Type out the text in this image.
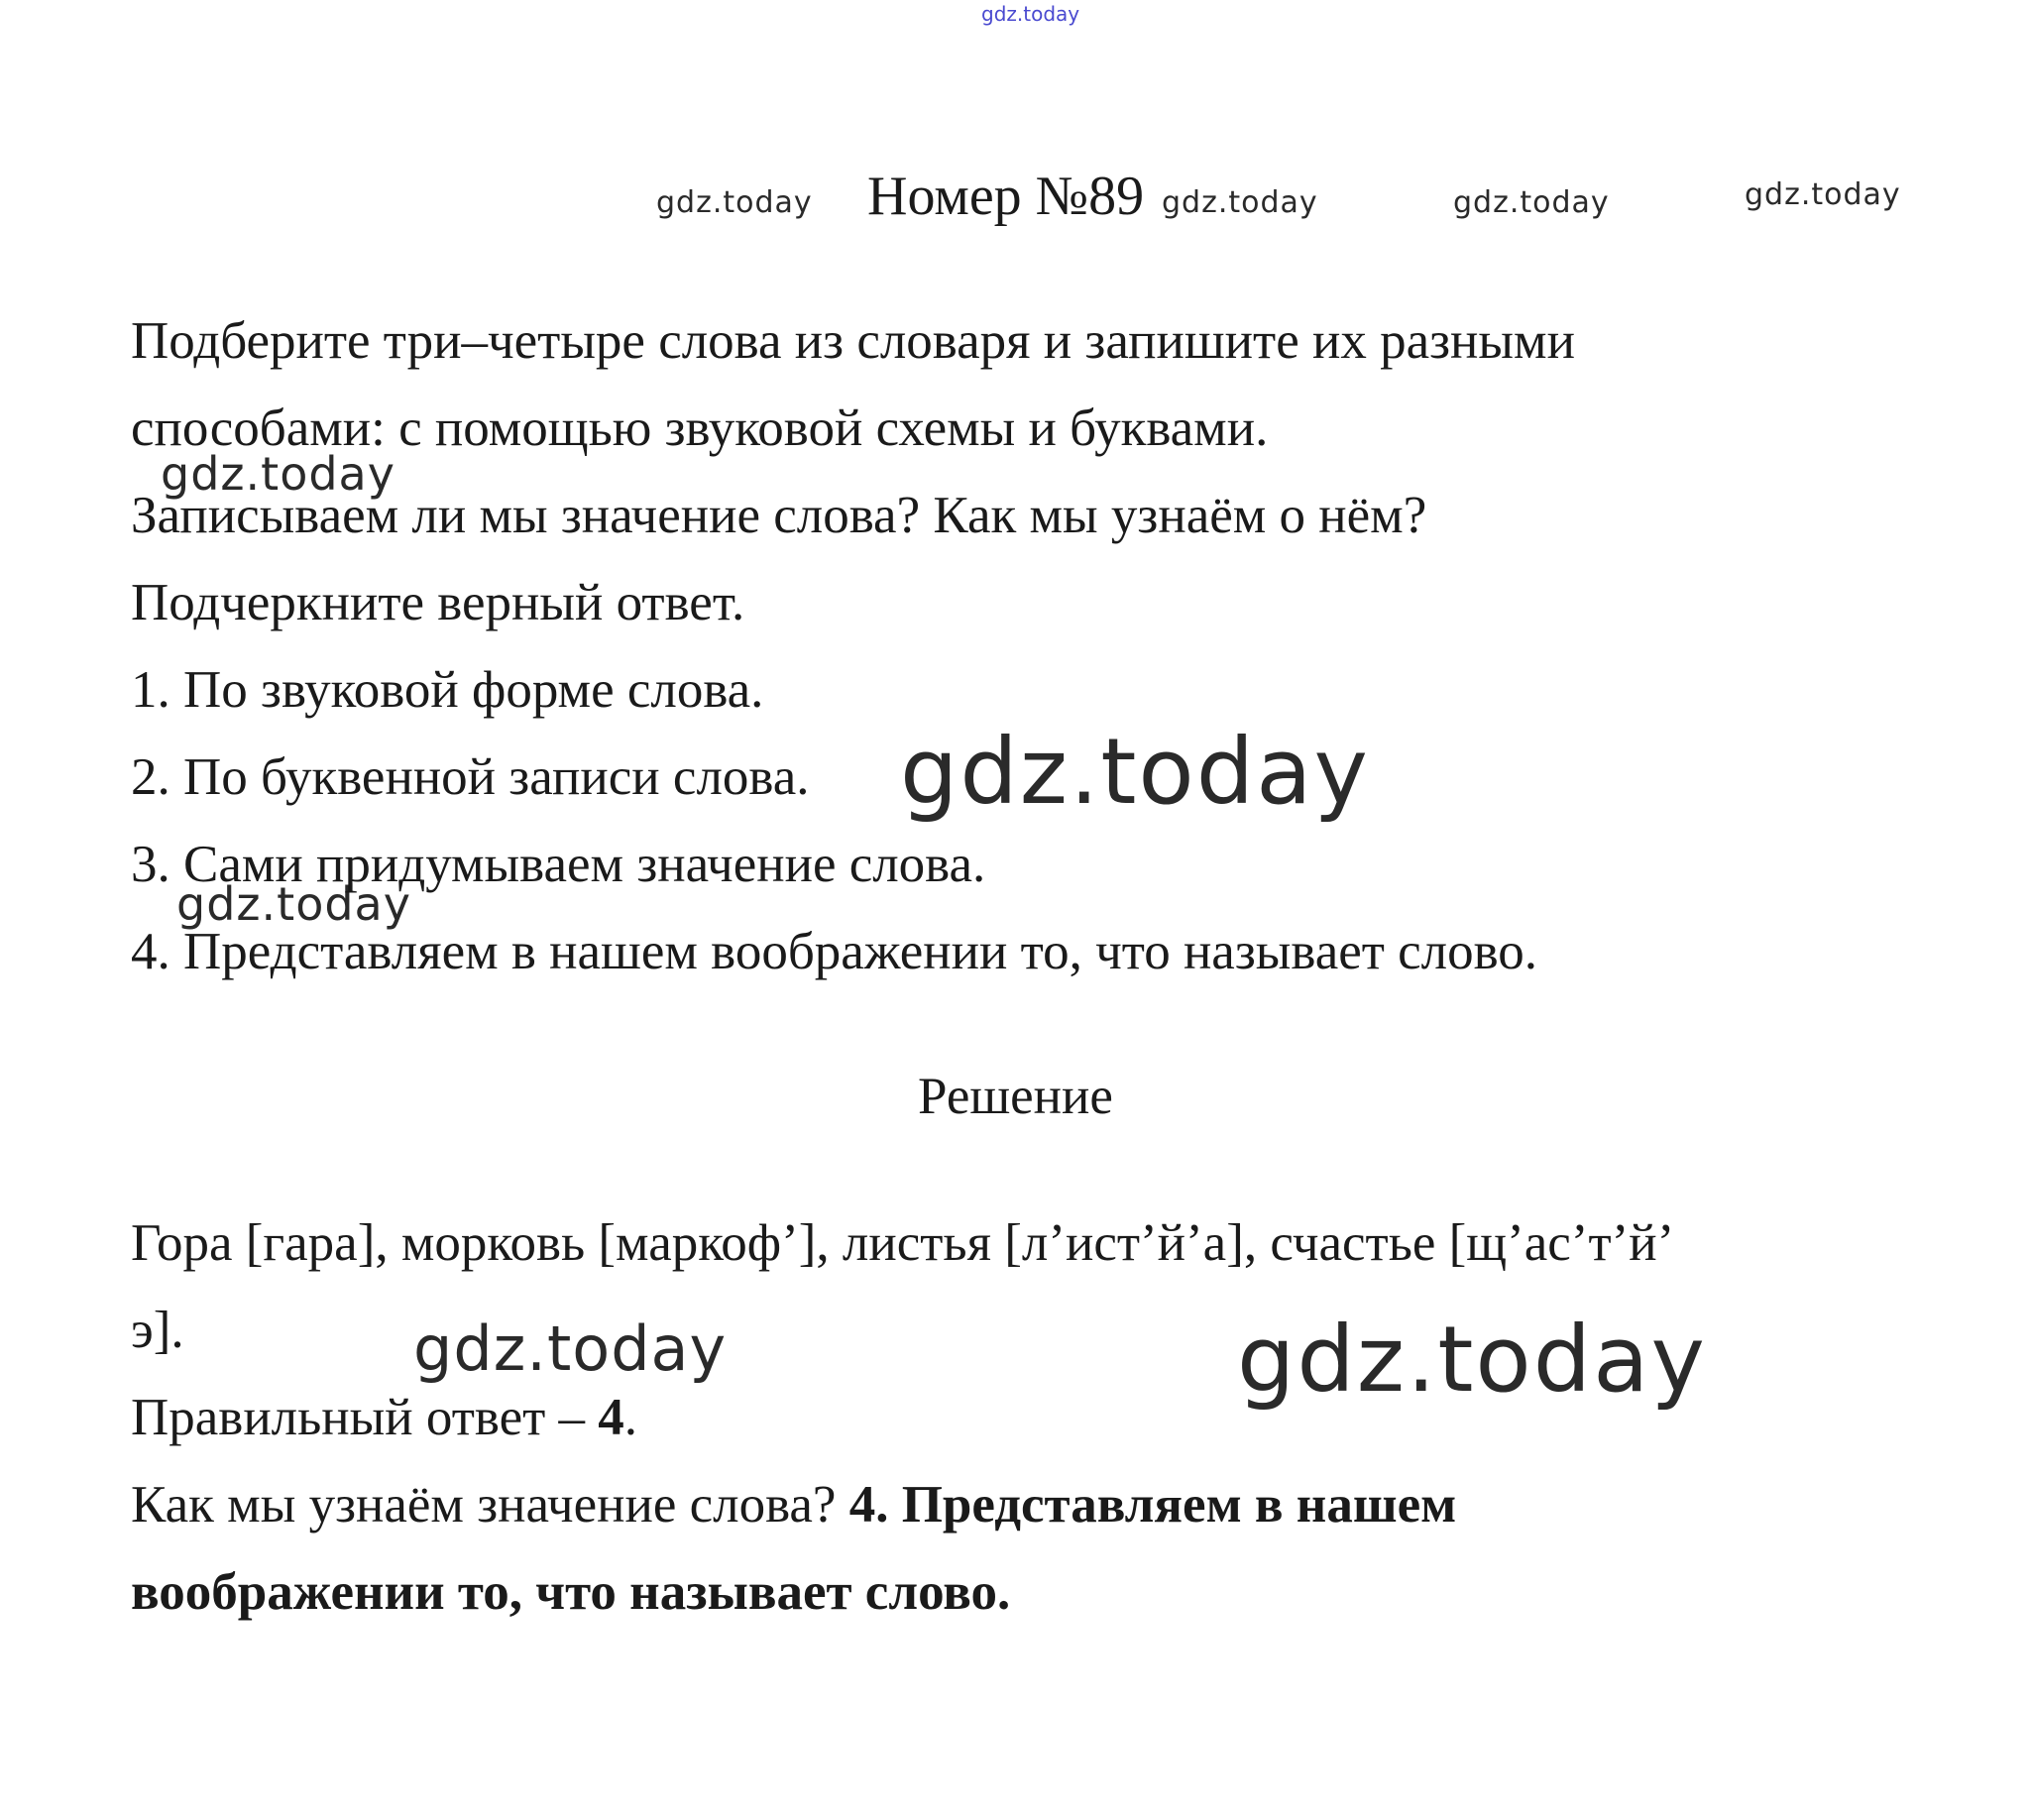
gdz.today
gdz.today	gdz.today	gdz.today	gdz.today
gdz.today
gdz.today
gdz.today
gdz.today	gdz.today
Номер №89
Подберите три–четыре слова из словаря и запишите их разными
способами: с помощью звуковой схемы и буквами.
Записываем ли мы значение слова? Как мы узнаём о нём?
Подчеркните верный ответ.
1. По звуковой форме слова.
2. По буквенной записи слова.
3. Сами придумываем значение слова.
4. Представляем в нашем воображении то, что называет слово.
Решение
Гора [гара], морковь [маркоф’], листья [л’ист’й’а], счастье [щ’ас’т’й’
э].
Правильный ответ – 4.
Как мы узнаём значение слова? 4. Представляем в нашем
воображении то, что называет слово.
